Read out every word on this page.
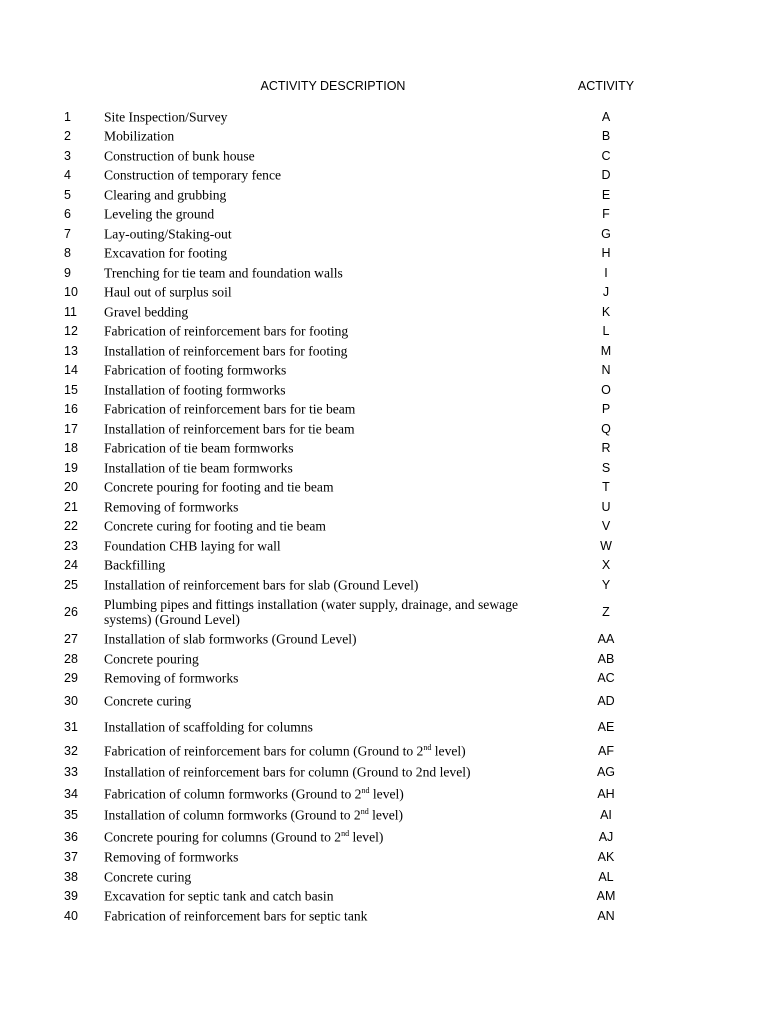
ACTIVITY DESCRIPTION	ACTIVITY
1	Site Inspection/Survey	A
2	Mobilization	B
3	Construction of bunk house	C
4	Construction of temporary fence	D
5	Clearing and grubbing	E
6	Leveling the ground	F
7	Lay-outing/Staking-out	G
8	Excavation for footing	H
9	Trenching for tie team and foundation walls	I
10	Haul out of surplus soil	J
11	Gravel bedding	K
12	Fabrication of reinforcement bars for footing	L
13	Installation of reinforcement bars for footing	M
14	Fabrication of footing formworks	N
15	Installation of footing formworks	O
16	Fabrication of reinforcement bars for tie beam	P
17	Installation of reinforcement bars for tie beam	Q
18	Fabrication of tie beam formworks	R
19	Installation of tie beam formworks	S
20	Concrete pouring for footing and tie beam	T
21	Removing of formworks	U
22	Concrete curing for footing and tie beam	V
23	Foundation CHB laying for wall	W
24	Backfilling	X
25	Installation of reinforcement bars for slab (Ground Level)	Y
26	Plumbing pipes and fittings installation (water supply, drainage, and sewage systems) (Ground Level)	Z
27	Installation of slab formworks (Ground Level)	AA
28	Concrete pouring	AB
29	Removing of formworks	AC
30	Concrete curing	AD
31	Installation of scaffolding for columns	AE
32	Fabrication of reinforcement bars for column (Ground to 2nd level)	AF
33	Installation of reinforcement bars for column (Ground to 2nd level)	AG
34	Fabrication of column formworks (Ground to 2nd level)	AH
35	Installation of column formworks (Ground to 2nd level)	AI
36	Concrete pouring for columns (Ground to 2nd level)	AJ
37	Removing of formworks	AK
38	Concrete curing	AL
39	Excavation for septic tank and catch basin	AM
40	Fabrication of reinforcement bars for septic tank	AN
